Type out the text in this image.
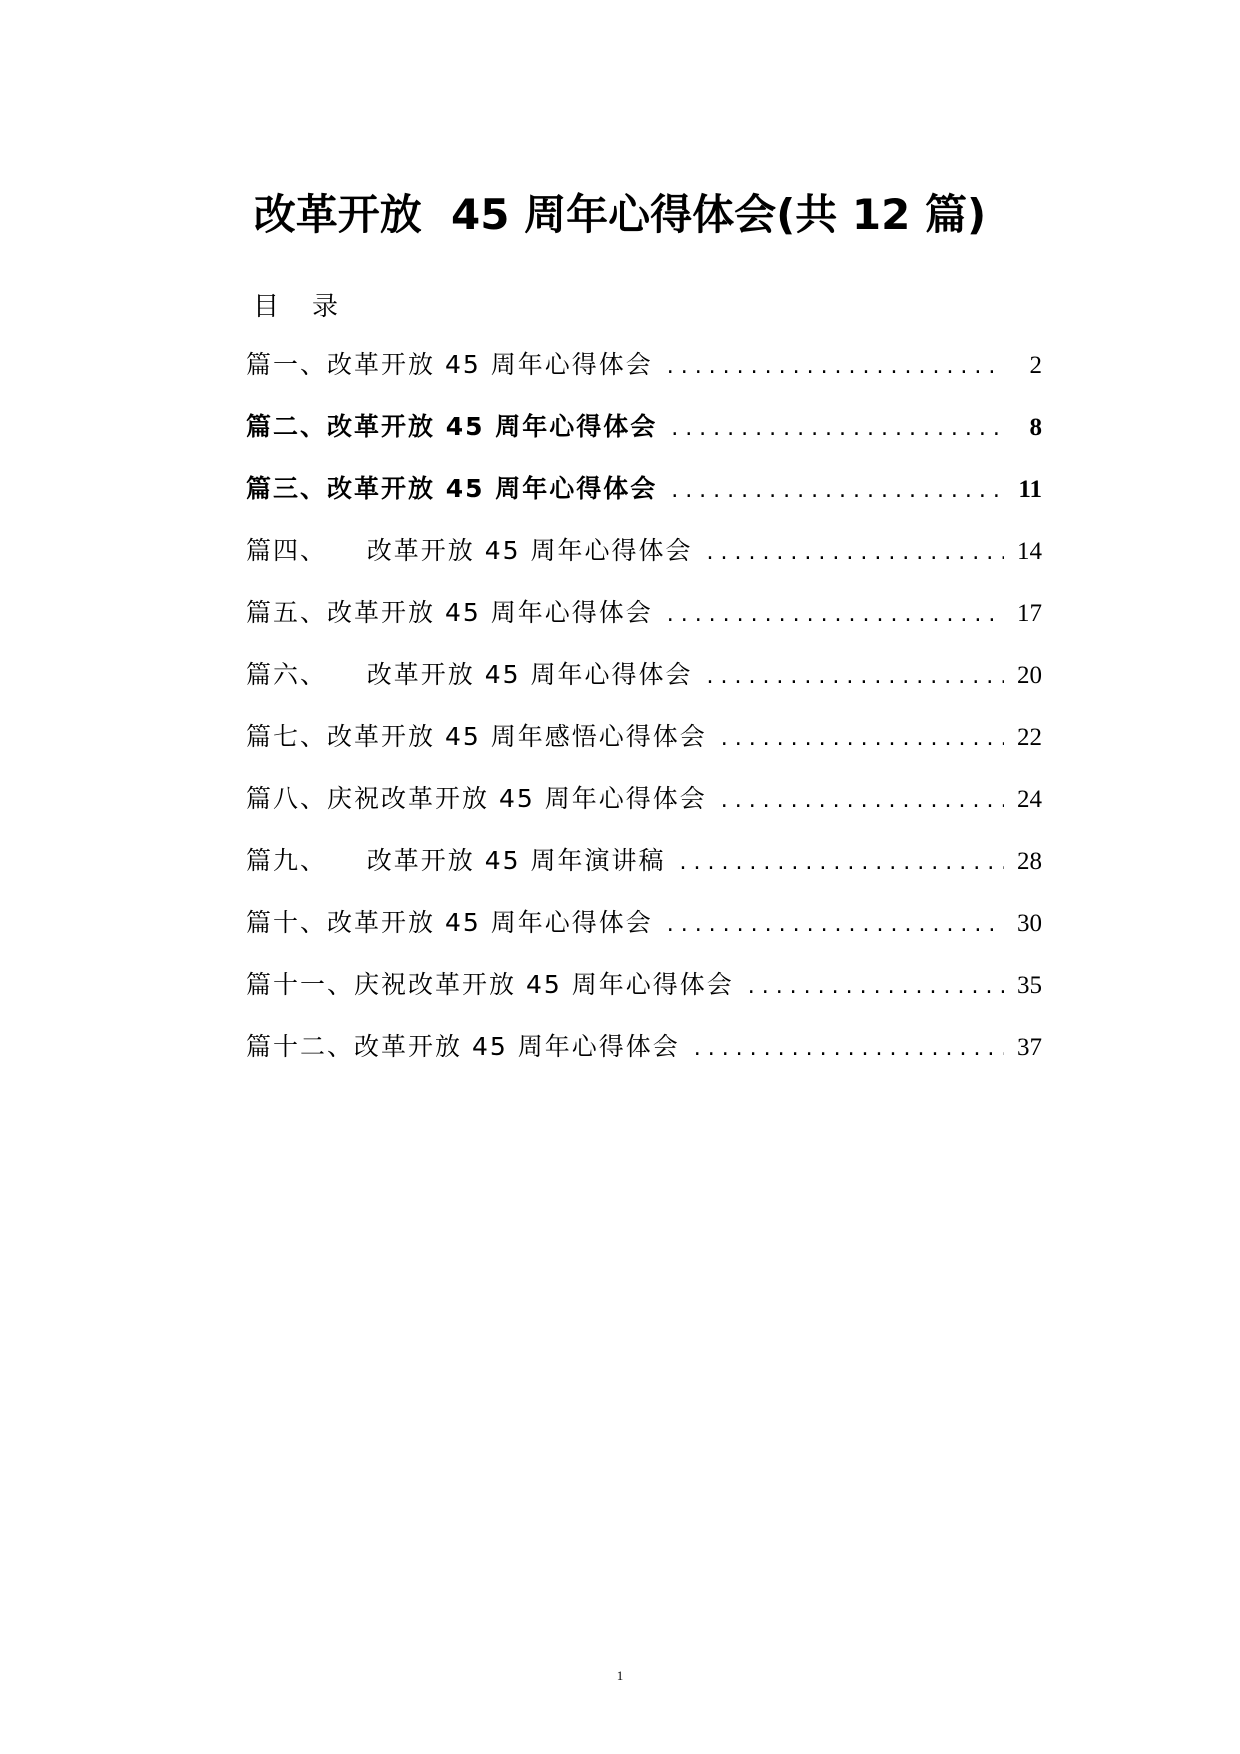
改革开放  45 周年心得体会(共 12 篇)
目    录
篇一、改革开放 45 周年心得体会 . . .	2
篇二、改革开放 45 周年心得体会 . . .	8
篇三、改革开放 45 周年心得体会 . . .	11
篇四、    改革开放 45 周年心得体会 . . .	14
篇五、改革开放 45 周年心得体会 . . .	17
篇六、    改革开放 45 周年心得体会 . . .	20
篇七、改革开放 45 周年感悟心得体会 . . .	22
篇八、庆祝改革开放 45 周年心得体会 . . .	24
篇九、    改革开放 45 周年演讲稿 . . .	28
篇十、改革开放 45 周年心得体会 . . .	30
篇十一、庆祝改革开放 45 周年心得体会 . . .	35
篇十二、改革开放 45 周年心得体会 . . .	37
1
